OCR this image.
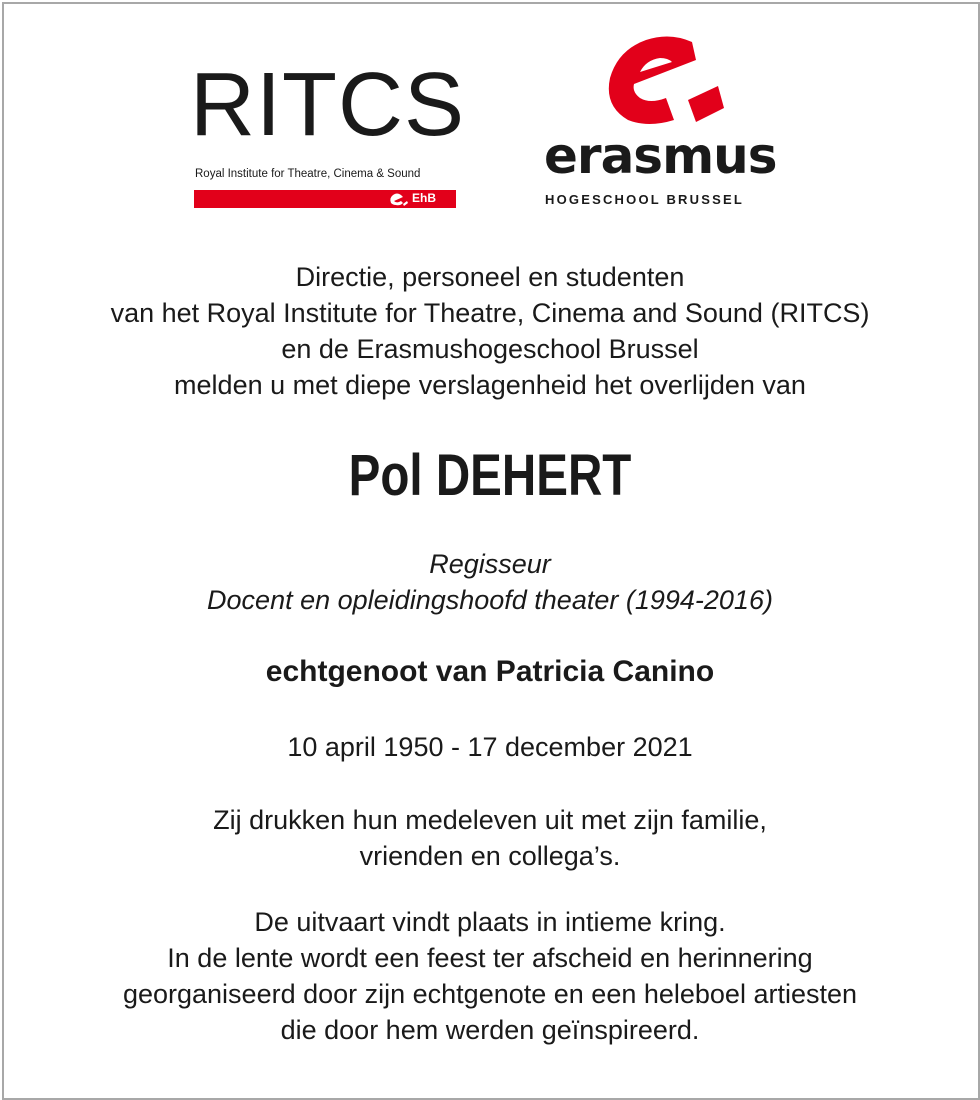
RITCS
Royal Institute for Theatre, Cinema & Sound
EhB
erasmus
HOGESCHOOL BRUSSEL
Directie, personeel en studenten
van het Royal Institute for Theatre, Cinema and Sound (RITCS)
en de Erasmushogeschool Brussel
melden u met diepe verslagenheid het overlijden van
Pol DEHERT
Regisseur
Docent en opleidingshoofd theater (1994-2016)
echtgenoot van Patricia Canino
10 april 1950 - 17 december 2021
Zij drukken hun medeleven uit met zijn familie,
vrienden en collega’s.
De uitvaart vindt plaats in intieme kring.
In de lente wordt een feest ter afscheid en herinnering
georganiseerd door zijn echtgenote en een heleboel artiesten
die door hem werden geïnspireerd.
